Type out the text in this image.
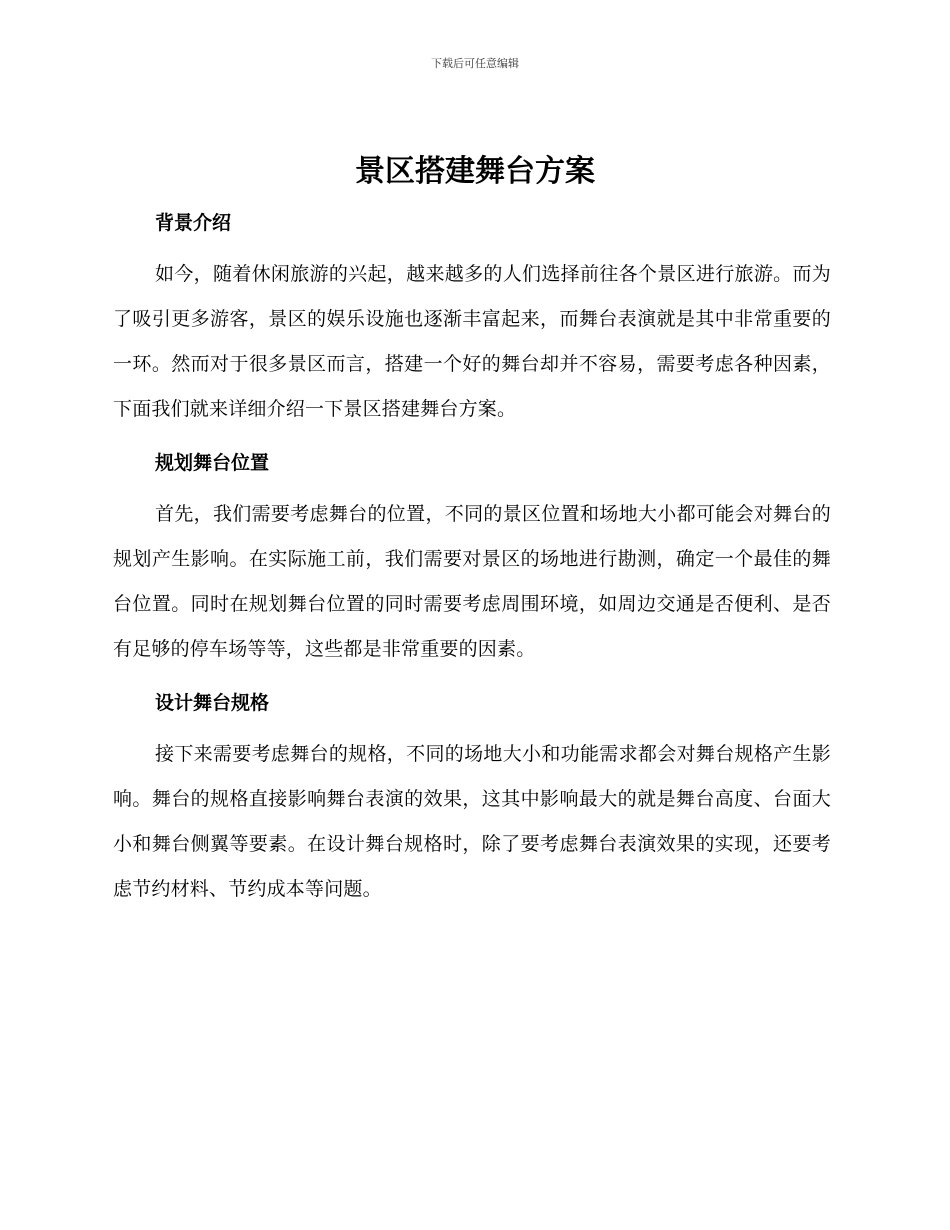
下载后可任意编辑
景区搭建舞台方案
背景介绍

如今，随着休闲旅游的兴起，越来越多的人们选择前往各个景区进行旅游。而为了吸引更多游客，景区的娱乐设施也逐渐丰富起来，而舞台表演就是其中非常重要的一环。然而对于很多景区而言，搭建一个好的舞台却并不容易，需要考虑各种因素，下面我们就来详细介绍一下景区搭建舞台方案。

规划舞台位置

首先，我们需要考虑舞台的位置，不同的景区位置和场地大小都可能会对舞台的规划产生影响。在实际施工前，我们需要对景区的场地进行勘测，确定一个最佳的舞台位置。同时在规划舞台位置的同时需要考虑周围环境，如周边交通是否便利、是否有足够的停车场等等，这些都是非常重要的因素。

设计舞台规格

接下来需要考虑舞台的规格，不同的场地大小和功能需求都会对舞台规格产生影响。舞台的规格直接影响舞台表演的效果，这其中影响最大的就是舞台高度、台面大小和舞台侧翼等要素。在设计舞台规格时，除了要考虑舞台表演效果的实现，还要考虑节约材料、节约成本等问题。
